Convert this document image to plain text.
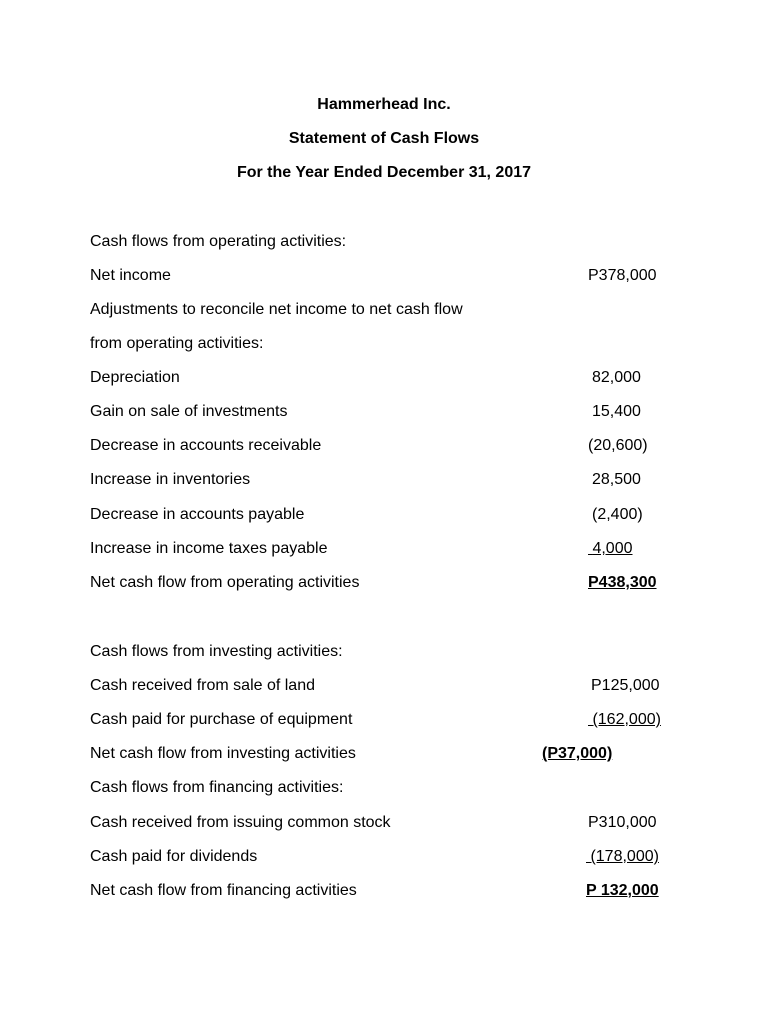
Hammerhead Inc.
Statement of Cash Flows
For the Year Ended December 31, 2017
Cash flows from operating activities:
Net income	P378,000
Adjustments to reconcile net income to net cash flow
from operating activities:
Depreciation	82,000
Gain on sale of investments	15,400
Decrease in accounts receivable	(20,600)
Increase in inventories	28,500
Decrease in accounts payable	(2,400)
Increase in income taxes payable	4,000
Net cash flow from operating activities	P438,300
Cash flows from investing activities:
Cash received from sale of land	P125,000
Cash paid for purchase of equipment	(162,000)
Net cash flow from investing activities	(P37,000)
Cash flows from financing activities:
Cash received from issuing common stock	P310,000
Cash paid for dividends	(178,000)
Net cash flow from financing activities	P 132,000
